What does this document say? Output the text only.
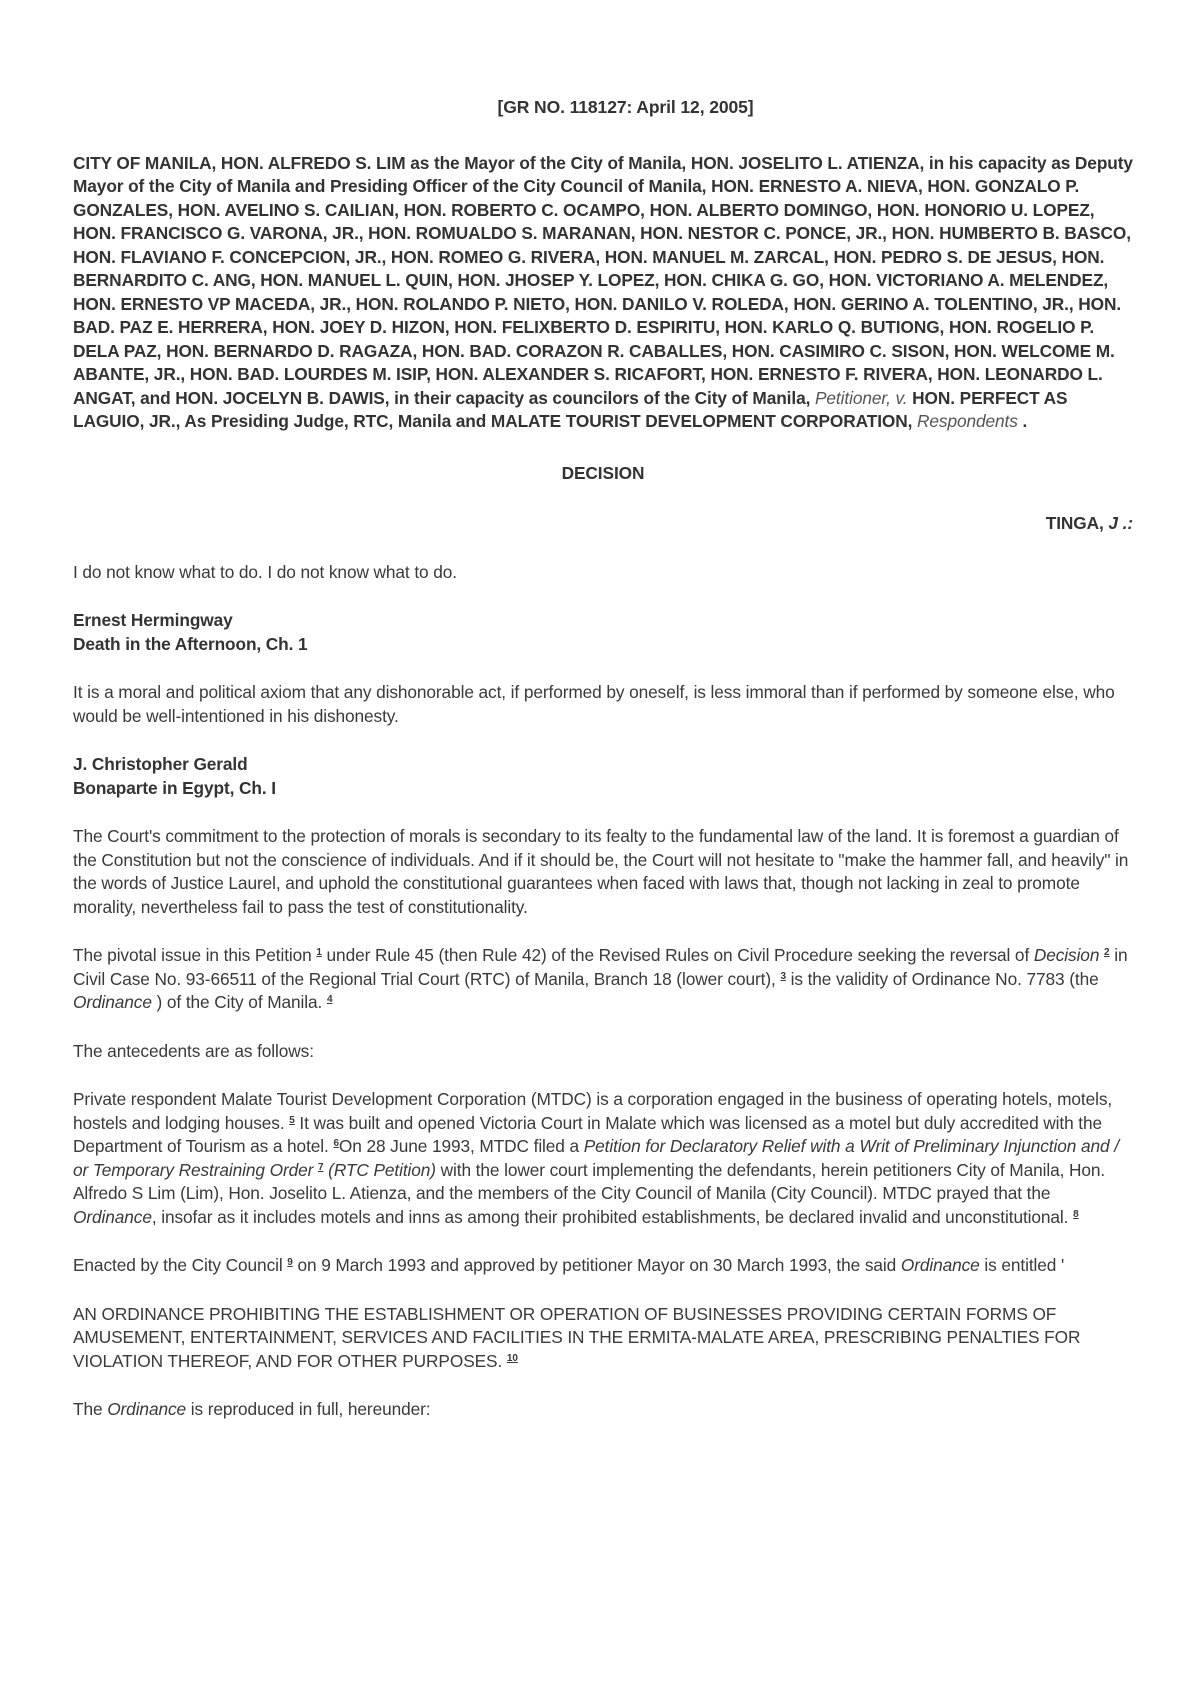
[GR NO. 118127: April 12, 2005]

CITY OF MANILA, HON. ALFREDO S. LIM as the Mayor of the City of Manila, HON. JOSELITO L. ATIENZA, in his capacity as Deputy Mayor of the City of Manila and Presiding Officer of the City Council of Manila, HON. ERNESTO A. NIEVA, HON. GONZALO P. GONZALES, HON. AVELINO S. CAILIAN, HON. ROBERTO C. OCAMPO, HON. ALBERTO DOMINGO, HON. HONORIO U. LOPEZ, HON. FRANCISCO G. VARONA, JR., HON. ROMUALDO S. MARANAN, HON. NESTOR C. PONCE, JR., HON. HUMBERTO B. BASCO, HON. FLAVIANO F. CONCEPCION, JR., HON. ROMEO G. RIVERA, HON. MANUEL M. ZARCAL, HON. PEDRO S. DE JESUS, HON. BERNARDITO C. ANG, HON. MANUEL L. QUIN, HON. JHOSEP Y. LOPEZ, HON. CHIKA G. GO, HON. VICTORIANO A. MELENDEZ, HON. ERNESTO VP MACEDA, JR., HON. ROLANDO P. NIETO, HON. DANILO V. ROLEDA, HON. GERINO A. TOLENTINO, JR., HON. BAD. PAZ E. HERRERA, HON. JOEY D. HIZON, HON. FELIXBERTO D. ESPIRITU, HON. KARLO Q. BUTIONG, HON. ROGELIO P. DELA PAZ, HON. BERNARDO D. RAGAZA, HON. BAD. CORAZON R. CABALLES, HON. CASIMIRO C. SISON, HON. WELCOME M. ABANTE, JR., HON. BAD. LOURDES M. ISIP, HON. ALEXANDER S. RICAFORT, HON. ERNESTO F. RIVERA, HON. LEONARDO L. ANGAT, and HON. JOCELYN B. DAWIS, in their capacity as councilors of the City of Manila, Petitioner, v. HON. PERFECT AS LAGUIO, JR., As Presiding Judge, RTC, Manila and MALATE TOURIST DEVELOPMENT CORPORATION, Respondents .

DECISION

TINGA, J .:

I do not know what to do. I do not know what to do.

Ernest Hermingway
Death in the Afternoon, Ch. 1

It is a moral and political axiom that any dishonorable act, if performed by oneself, is less immoral than if performed by someone else, who would be well-intentioned in his dishonesty.

J. Christopher Gerald
Bonaparte in Egypt, Ch. I

The Court's commitment to the protection of morals is secondary to its fealty to the fundamental law of the land. It is foremost a guardian of the Constitution but not the conscience of individuals. And if it should be, the Court will not hesitate to "make the hammer fall, and heavily" in the words of Justice Laurel, and uphold the constitutional guarantees when faced with laws that, though not lacking in zeal to promote morality, nevertheless fail to pass the test of constitutionality.

The pivotal issue in this Petition $^1$ under Rule 45 (then Rule 42) of the Revised Rules on Civil Procedure seeking the reversal of Decision $^2$ in Civil Case No. 93-66511 of the Regional Trial Court (RTC) of Manila, Branch 18 (lower court), $^3$ is the validity of Ordinance No. 7783 (the Ordinance ) of the City of Manila. $^4$

The antecedents are as follows:

Private respondent Malate Tourist Development Corporation (MTDC) is a corporation engaged in the business of operating hotels, motels, hostels and lodging houses. $^5$ It was built and opened Victoria Court in Malate which was licensed as a motel but duly accredited with the Department of Tourism as a hotel. $^6$On 28 June 1993, MTDC filed a Petition for Declaratory Relief with a Writ of Preliminary Injunction and / or Temporary Restraining Order $^7$ (RTC Petition) with the lower court implementing the defendants, herein petitioners City of Manila, Hon. Alfredo S Lim (Lim), Hon. Joselito L. Atienza, and the members of the City Council of Manila (City Council). MTDC prayed that the Ordinance, insofar as it includes motels and inns as among their prohibited establishments, be declared invalid and unconstitutional. $^8$

Enacted by the City Council $^9$ on 9 March 1993 and approved by petitioner Mayor on 30 March 1993, the said Ordinance is entitled '

AN ORDINANCE PROHIBITING THE ESTABLISHMENT OR OPERATION OF BUSINESSES PROVIDING CERTAIN FORMS OF AMUSEMENT, ENTERTAINMENT, SERVICES AND FACILITIES IN THE ERMITA-MALATE AREA, PRESCRIBING PENALTIES FOR VIOLATION THEREOF, AND FOR OTHER PURPOSES. $^{10}$

The Ordinance is reproduced in full, hereunder:
